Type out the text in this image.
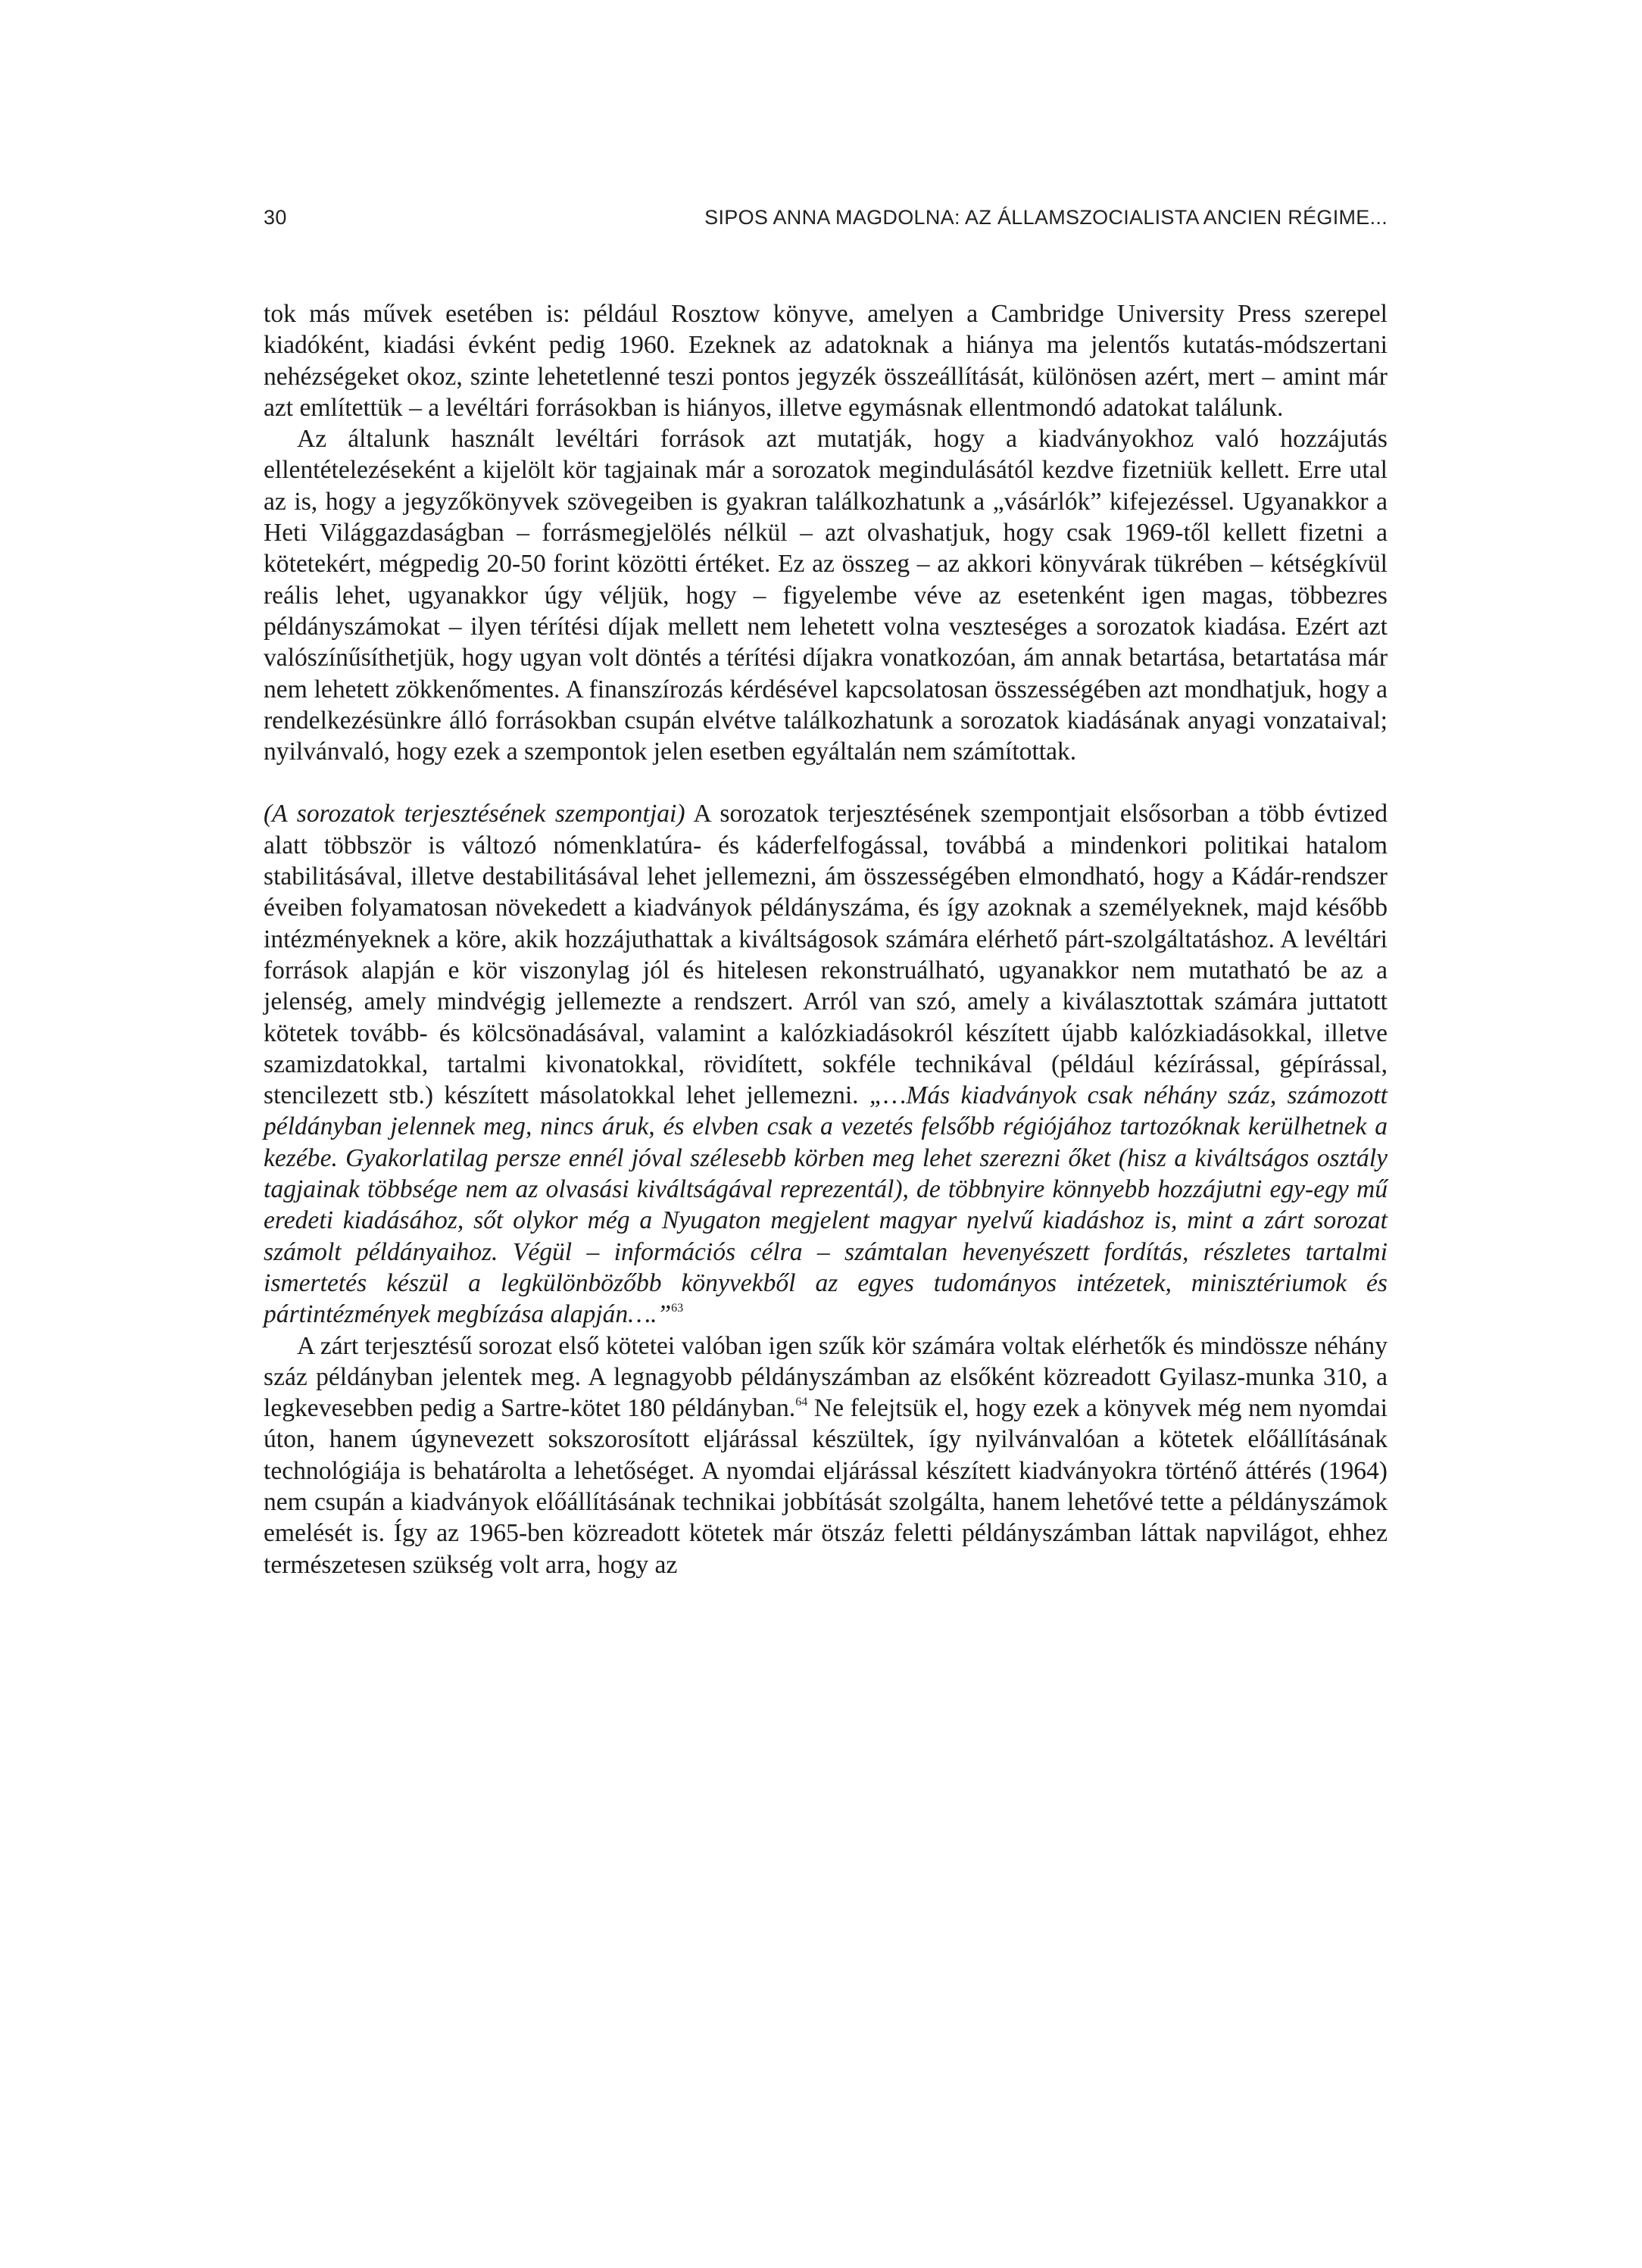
30	SIPOS ANNA MAGDOLNA: AZ ÁLLAMSZOCIALISTA ANCIEN RÉGIME...

tok más művek esetében is: például Rosztow könyve, amelyen a Cambridge University Press szerepel kiadóként, kiadási évként pedig 1960. Ezeknek az adatoknak a hiánya ma jelentős kutatás-módszertani nehézségeket okoz, szinte lehetetlenné teszi pontos jegyzék összeállítását, különösen azért, mert – amint már azt említettük – a levéltári forrásokban is hiányos, illetve egymásnak ellentmondó adatokat találunk.

Az általunk használt levéltári források azt mutatják, hogy a kiadványokhoz való hozzájutás ellentételezéseként a kijelölt kör tagjainak már a sorozatok megindulásától kezdve fizetniük kellett. Erre utal az is, hogy a jegyzőkönyvek szövegeiben is gyakran találkozhatunk a „vásárlók” kifejezéssel. Ugyanakkor a Heti Világgazdaságban – forrásmegjelölés nélkül – azt olvashatjuk, hogy csak 1969-től kellett fizetni a kötetekért, mégpedig 20-50 forint közötti értéket. Ez az összeg – az akkori könyvárak tükrében – kétségkívül reális lehet, ugyanakkor úgy véljük, hogy – figyelembe véve az esetenként igen magas, többezres példányszámokat – ilyen térítési díjak mellett nem lehetett volna veszteséges a sorozatok kiadása. Ezért azt valószínűsíthetjük, hogy ugyan volt döntés a térítési díjakra vonatkozóan, ám annak betartása, betartatása már nem lehetett zökkenőmentes. A finanszírozás kérdésével kapcsolatosan összességében azt mondhatjuk, hogy a rendelkezésünkre álló forrásokban csupán elvétve találkozhatunk a sorozatok kiadásának anyagi vonzataival; nyilvánvaló, hogy ezek a szempontok jelen esetben egyáltalán nem számítottak.

(A sorozatok terjesztésének szempontjai) A sorozatok terjesztésének szempontjait elsősorban a több évtized alatt többször is változó nómenklatúra- és káderfelfogással, továbbá a mindenkori politikai hatalom stabilitásával, illetve destabilitásával lehet jellemezni, ám összességében elmondható, hogy a Kádár-rendszer éveiben folyamatosan növekedett a kiadványok példányszáma, és így azoknak a személyeknek, majd később intézményeknek a köre, akik hozzájuthattak a kiváltságosok számára elérhető párt-szolgáltatáshoz. A levéltári források alapján e kör viszonylag jól és hitelesen rekonstruálható, ugyanakkor nem mutatható be az a jelenség, amely mindvégig jellemezte a rendszert. Arról van szó, amely a kiválasztottak számára juttatott kötetek tovább- és kölcsönadásával, valamint a kalózkiadásokról készített újabb kalózkiadásokkal, illetve szamizdatokkal, tartalmi kivonatokkal, rövidített, sokféle technikával (például kézírással, gépírással, stencilezett stb.) készített másolatokkal lehet jellemezni. „…Más kiadványok csak néhány száz, számozott példányban jelennek meg, nincs áruk, és elvben csak a vezetés felsőbb régiójához tartozóknak kerülhetnek a kezébe. Gyakorlatilag persze ennél jóval szélesebb körben meg lehet szerezni őket (hisz a kiváltságos osztály tagjainak többsége nem az olvasási kiváltságával reprezentál), de többnyire könnyebb hozzájutni egy-egy mű eredeti kiadásához, sőt olykor még a Nyugaton megjelent magyar nyelvű kiadáshoz is, mint a zárt sorozat számolt példányaihoz. Végül – információs célra – számtalan hevenyészett fordítás, részletes tartalmi ismertetés készül a legkülönbözőbb könyvekből az egyes tudományos intézetek, minisztériumok és pártintézmények megbízása alapján….”$^{63}$

A zárt terjesztésű sorozat első kötetei valóban igen szűk kör számára voltak elérhetők és mindössze néhány száz példányban jelentek meg. A legnagyobb példányszámban az elsőként közreadott Gyilasz-munka 310, a legkevesebben pedig a Sartre-kötet 180 példányban.$^{64}$ Ne felejtsük el, hogy ezek a könyvek még nem nyomdai úton, hanem úgynevezett sokszorosított eljárással készültek, így nyilvánvalóan a kötetek előállításának technológiája is behatárolta a lehetőséget. A nyomdai eljárással készített kiadványokra történő áttérés (1964) nem csupán a kiadványok előállításának technikai jobbítását szolgálta, hanem lehetővé tette a példányszámok emelését is. Így az 1965-ben közreadott kötetek már ötszáz feletti példányszámban láttak napvilágot, ehhez természetesen szükség volt arra, hogy az
